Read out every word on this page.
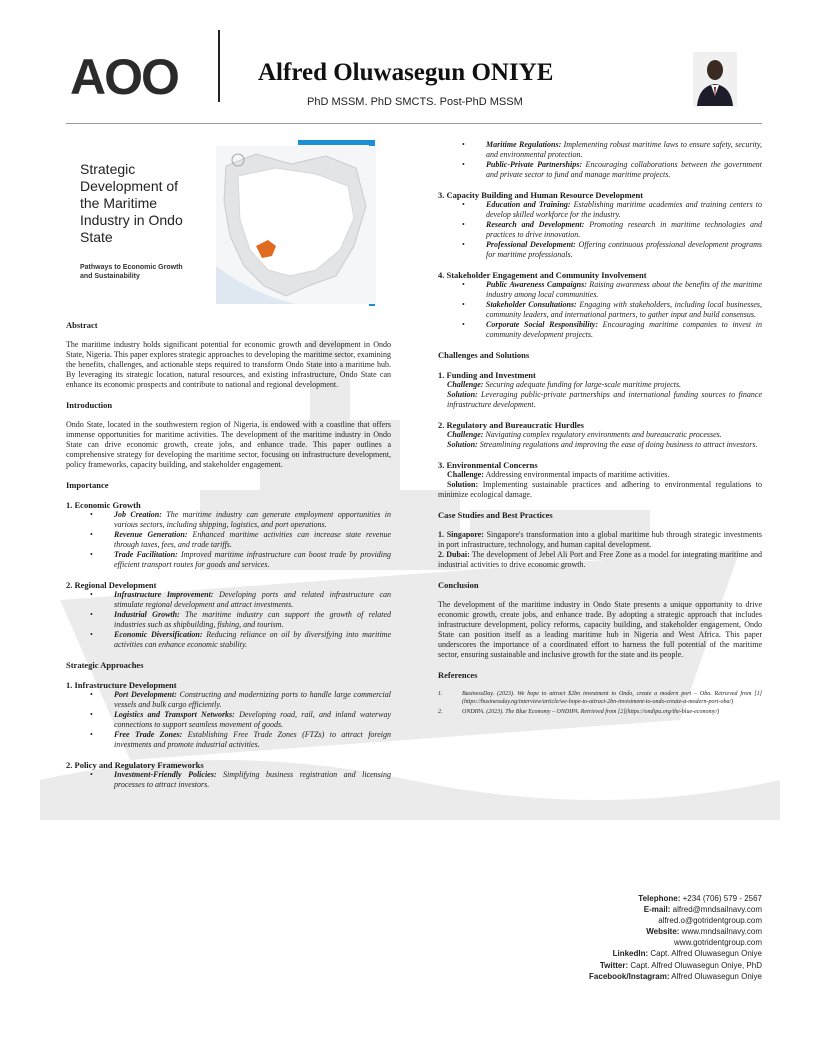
AOO	Alfred Oluwasegun ONIYE
PhD MSSM. PhD SMCTS. Post-PhD MSSM
Strategic Development of the Maritime Industry in Ondo State
Pathways to Economic Growth and Sustainability
Abstract
The maritime industry holds significant potential for economic growth and development in Ondo State, Nigeria. This paper explores strategic approaches to developing the maritime sector, examining the benefits, challenges, and actionable steps required to transform Ondo State into a maritime hub. By leveraging its strategic location, natural resources, and existing infrastructure, Ondo State can enhance its economic prospects and contribute to national and regional development.
Introduction
Ondo State, located in the southwestern region of Nigeria, is endowed with a coastline that offers immense opportunities for maritime activities. The development of the maritime industry in Ondo State can drive economic growth, create jobs, and enhance trade. This paper outlines a comprehensive strategy for developing the maritime sector, focusing on infrastructure development, policy frameworks, capacity building, and stakeholder engagement.
Importance
1. Economic Growth
• Job Creation: The maritime industry can generate employment opportunities in various sectors, including shipping, logistics, and port operations.
• Revenue Generation: Enhanced maritime activities can increase state revenue through taxes, fees, and trade tariffs.
• Trade Facilitation: Improved maritime infrastructure can boost trade by providing efficient transport routes for goods and services.
2. Regional Development
• Infrastructure Improvement: Developing ports and related infrastructure can stimulate regional development and attract investments.
• Industrial Growth: The maritime industry can support the growth of related industries such as shipbuilding, fishing, and tourism.
• Economic Diversification: Reducing reliance on oil by diversifying into maritime activities can enhance economic stability.
Strategic Approaches
1. Infrastructure Development
• Port Development: Constructing and modernizing ports to handle large commercial vessels and bulk cargo efficiently.
• Logistics and Transport Networks: Developing road, rail, and inland waterway connections to support seamless movement of goods.
• Free Trade Zones: Establishing Free Trade Zones (FTZs) to attract foreign investments and promote industrial activities.
2. Policy and Regulatory Frameworks
• Investment-Friendly Policies: Simplifying business registration and licensing processes to attract investors.
• Maritime Regulations: Implementing robust maritime laws to ensure safety, security, and environmental protection.
• Public-Private Partnerships: Encouraging collaborations between the government and private sector to fund and manage maritime projects.
3. Capacity Building and Human Resource Development
• Education and Training: Establishing maritime academies and training centers to develop skilled workforce for the industry.
• Research and Development: Promoting research in maritime technologies and practices to drive innovation.
• Professional Development: Offering continuous professional development programs for maritime professionals.
4. Stakeholder Engagement and Community Involvement
• Public Awareness Campaigns: Raising awareness about the benefits of the maritime industry among local communities.
• Stakeholder Consultations: Engaging with stakeholders, including local businesses, community leaders, and international partners, to gather input and build consensus.
• Corporate Social Responsibility: Encouraging maritime companies to invest in community development projects.
Challenges and Solutions
1. Funding and Investment
Challenge: Securing adequate funding for large-scale maritime projects.
Solution: Leveraging public-private partnerships and international funding sources to finance infrastructure development.
2. Regulatory and Bureaucratic Hurdles
Challenge: Navigating complex regulatory environments and bureaucratic processes.
Solution: Streamlining regulations and improving the ease of doing business to attract investors.
3. Environmental Concerns
Challenge: Addressing environmental impacts of maritime activities.
Solution: Implementing sustainable practices and adhering to environmental regulations to minimize ecological damage.
Case Studies and Best Practices
1. Singapore: Singapore's transformation into a global maritime hub through strategic investments in port infrastructure, technology, and human capital development.
2. Dubai: The development of Jebel Ali Port and Free Zone as a model for integrating maritime and industrial activities to drive economic growth.
Conclusion
The development of the maritime industry in Ondo State presents a unique opportunity to drive economic growth, create jobs, and enhance trade. By adopting a strategic approach that includes infrastructure development, policy reforms, capacity building, and stakeholder engagement, Ondo State can position itself as a leading maritime hub in Nigeria and West Africa. This paper underscores the importance of a coordinated effort to harness the full potential of the maritime sector, ensuring sustainable and inclusive growth for the state and its people.
References
1.	BusinessDay. (2023). We hope to attract $2bn investment to Ondo, create a modern port – Oba. Retrieved from [1](https://businessday.ng/interview/article/we-hope-to-attract-2bn-investment-to-ondo-create-a-modern-port-oba/)
2.	ONDIPA. (2023). The Blue Economy – ONDIPA. Retrieved from [2](https://ondipa.org/the-blue-economy/)
Telephone: +234 (706) 579 - 2567
E-mail: alfred@mndsailnavy.com
alfred.o@gotridentgroup.com
Website: www.mndsailnavy.com
www.gotridentgroup.com
LinkedIn: Capt. Alfred Oluwasegun Oniye
Twitter: Capt. Alfred Oluwasegun Oniye, PhD
Facebook/Instagram: Alfred Oluwasegun Oniye
